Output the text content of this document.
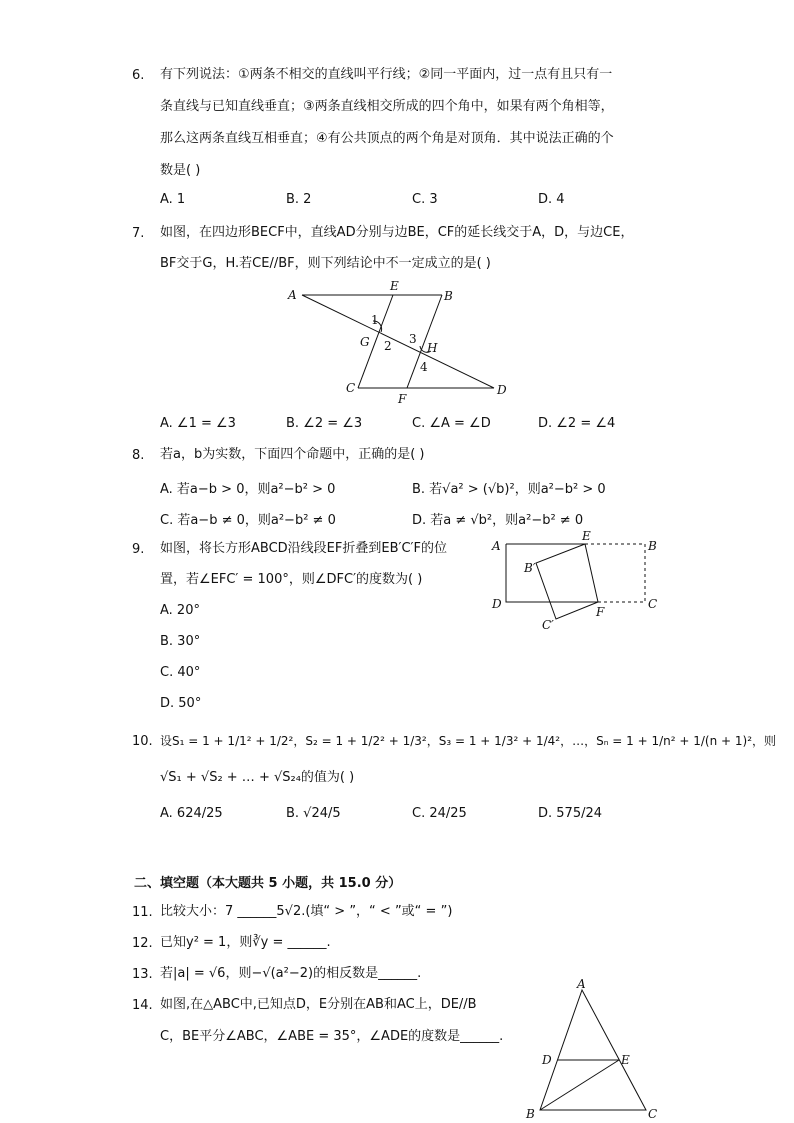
6. 有下列说法：①两条不相交的直线叫平行线；②同一平面内，过一点有且只有一
条直线与已知直线垂直；③两条直线相交所成的四个角中，如果有两个角相等，
那么这两条直线互相垂直；④有公共顶点的两个角是对顶角．其中说法正确的个
数是( )
A. 1	B. 2	C. 3	D. 4
7. 如图，在四边形BECF中，直线AD分别与边BE，CF的延长线交于A，D，与边CE，
BF交于G，H.若CE//BF，则下列结论中不一定成立的是( )
A
E
B
1
G 2 3
H
4
C
F
D
A. ∠1 = ∠3	B. ∠2 = ∠3	C. ∠A = ∠D	D. ∠2 = ∠4
8. 若a，b为实数，下面四个命题中，正确的是( )
A. 若a−b > 0，则a²−b² > 0	B. 若√a² > (√b)²，则a²−b² > 0
C. 若a−b ≠ 0，则a²−b² ≠ 0	D. 若a ≠ √b²，则a²−b² ≠ 0
9. 如图，将长方形ABCD沿线段EF折叠到EB′C′F的位
置，若∠EFC′ = 100°，则∠DFC′的度数为( )
A
E
B
B′
D
F
C
C′
A. 20°
B. 30°
C. 40°
D. 50°
10. 设S₁ = 1 + 1/1² + 1/2²，S₂ = 1 + 1/2² + 1/3²，S₃ = 1 + 1/3² + 1/4²，…，Sₙ = 1 + 1/n² + 1/(n + 1)²，则
√S₁ + √S₂ + … + √S₂₄的值为( )
A. 624/25	B. √24/5	C. 24/25	D. 575/24
二、填空题（本大题共 5 小题，共 15.0 分）
11. 比较大小：7 ______5√2.(填“ > ”，“ < ”或“ = ”)
12. 已知y² = 1，则∛y = ______.
13. 若|a| = √6，则−√(a²−2)的相反数是______.
14. 如图,在△ABC中,已知点D，E分别在AB和AC上，DE//B
C，BE平分∠ABC，∠ABE = 35°，∠ADE的度数是______.
A
D	E
B	C
